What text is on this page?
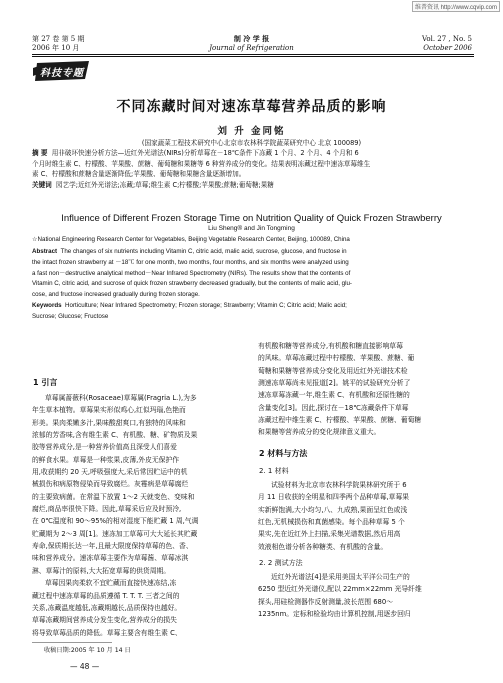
维普资讯 http://www.cqvip.com
第 27 卷 第 5 期
2006 年 10 月
制 冷 学 报
Journal of Refrigeration
Vol. 27 , No. 5
October 2006
科技专题
不同冻藏时间对速冻草莓营养品质的影响
刘 升 金同铭
(国家蔬菜工程技术研究中心北京市农林科学院蔬菜研究中心 北京 100089)
摘 要 用非破坏快速分析方法—近红外光谱法(NIRs)分析草莓在－18℃条件下冻藏 1 个月、2 个月、4 个月和 6
个月时维生素 C、柠檬酸、苹果酸、蔗糖、葡萄糖和果糖等 6 种营养成分的变化。结果表明冻藏过程中速冻草莓维生
素 C、柠檬酸和蔗糖含量逐渐降低;苹果酸、葡萄糖和果糖含量逐渐增加。
关键词 园艺学;近红外光谱法;冻藏;草莓;维生素 C;柠檬酸;苹果酸;蔗糖;葡萄糖;果糖
Influence of Different Frozen Storage Time on Nutrition Quality of Quick Frozen Strawberry
Liu Sheng® and Jin Tongming
☆National Engineering Research Center for Vegetables, Beijing Vegetable Research Center, Beijing, 100089, China
Abstract The changes of six nutrients including Vitamin C, citric acid, malic acid, sucrose, glucose, and fructose in
the intact frozen strawberry at －18℃ for one month, two months, four months, and six months were analyzed using
a fast non－destructive analytical method－Near Infrared Spectrometry (NIRs). The results show that the contents of
Vitamin C, citric acid, and sucrose of quick frozen strawberry decreased gradually, but the contents of malic acid, glu-
cose, and fructose increased gradually during frozen storage.
Keywords Horticulture; Near Infrared Spectrometry; Frozen storage; Strawberry; Vitamin C; Citric acid; Malic acid;
Sucrose; Glucose; Fructose
1 引言
草莓属蔷薇科(Rosaceae)草莓属(Fragria L.),为多
年生草本植物。草莓果实形似鸡心,红似玛瑙,色艳而
形美。果肉柔嫩多汁,果味酸甜爽口,有独特的风味和
浓郁的芳香味,含有维生素 C、有机酸、糖、矿物质及果
胶等营养成分,是一种营养价值高且深受人们喜爱
的鲜食水果。草莓是一种浆果,皮薄,外皮无保护作
用,收获期约 20 天,呼吸强度大,采后常因贮运中的机
械损伤和病原物侵染而导致腐烂。灰霉病是草莓腐烂
的主要致病菌。在常温下放置 1～2 天就变色、变味和
腐烂,商品率很快下降。因此,草莓采后应及时预冷,
在 0℃温度和 90～95%的相对湿度下能贮藏 1 周,气调
贮藏期为 2～3 周[1]。速冻加工草莓可大大延长其贮藏
寿命,保质期长达一年,且最大限度保持草莓的色、香、
味和营养成分。速冻草莓主要作为草莓酱、草莓冰淇
淋、草莓汁的原料,大大拓宽草莓的供货周期。
草莓因果肉柔软不宜贮藏而直接快速冻结,冻
藏过程中速冻草莓的品质遵循 T. T. T. 三者之间的
关系,冻藏温度越低,冻藏期越长,品质保持也越好。
草莓冻藏期间营养成分发生变化,营养成分的损失
将导致草莓品质的降低。草莓主要含有维生素 C、
收稿日期:2005 年 10 月 14 日
— 48 —
有机酸和糖等营养成分,有机酸和糖直接影响草莓
的风味。草莓冻藏过程中柠檬酸、苹果酸、蔗糖、葡
萄糖和果糖等营养成分变化及用近红外光谱技术检
测速冻草莓尚未见报道[2]。姚平的试验研究分析了
速冻草莓冻藏一年,维生素 C、有机酸和还原性糖的
含量变化[3]。因此,探讨在－18℃冻藏条件下草莓
冻藏过程中维生素 C、柠檬酸、苹果酸、蔗糖、葡萄糖
和果糖等营养成分的变化规律意义重大。
2 材料与方法
2. 1 材料
试验材料为北京市农林科学院果林研究所于 6
月 11 日收获的全明星和四季两个品种草莓,草莓果
实新鲜饱满,大小均匀,八、九成熟,果面呈红色或浅
红色,无机械损伤和真菌感染。每个品种草莓 5 个
果实,先在近红外上扫描,采集光谱数据,然后用高
效液相色谱分析各种糖类、有机酸的含量。
2. 2 测试方法
近红外光谱法[4]是采用美国太平洋公司生产的
6250 型近红外光谱仪,配以 22mm×22mm 光导纤维
探头,用硅检测器作反射测量,波长范围 680～
1235nm。定标和检验均由计算机控制,用逐步回归
